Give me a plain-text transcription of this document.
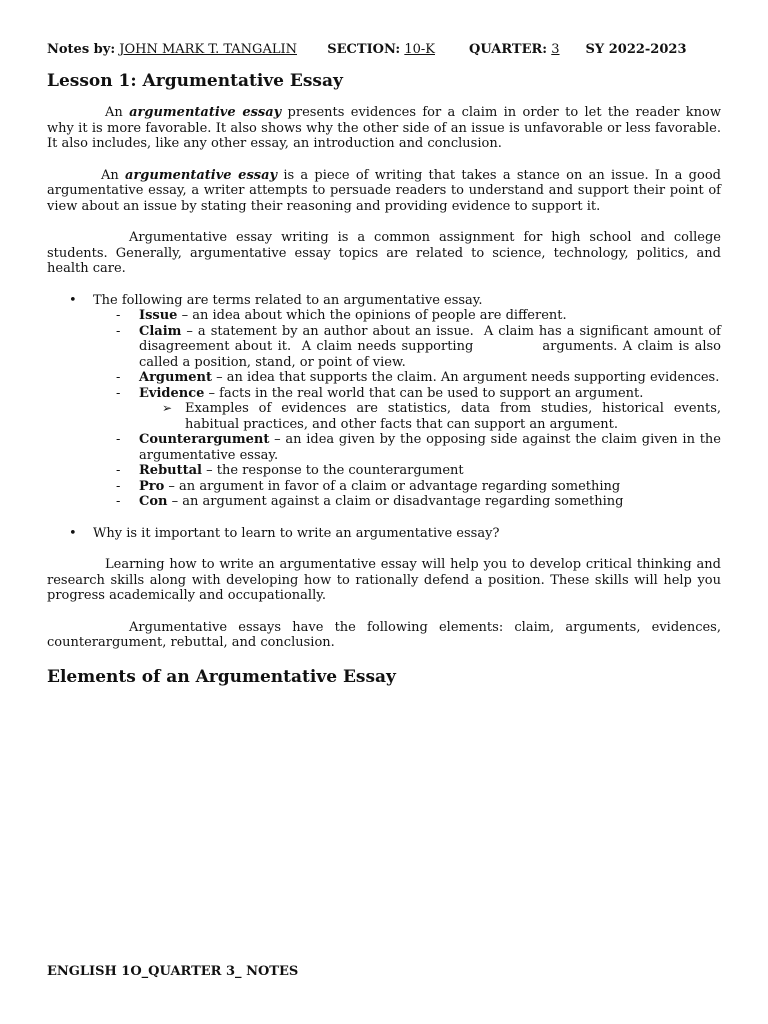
Notes by:
JOHN MARK T. TANGALIN
SECTION:
10-K	QUARTER:
3 SY 2022-2023
Lesson 1: Argumentative Essay

An argumentative essay presents evidences for a claim in order to let the reader know why it is more favorable. It also shows why the other side of an issue is unfavorable or less favorable. It also includes, like any other essay, an introduction and conclusion.

An argumentative essay is a piece of writing that takes a stance on an issue. In a good argumentative essay, a writer attempts to persuade readers to understand and support their point of view about an issue by stating their reasoning and providing evidence to support it.

Argumentative essay writing is a common assignment for high school and college students. Generally, argumentative essay topics are related to science, technology, politics, and health care.

• The following are terms related to an argumentative essay.
- Issue – an idea about which the opinions of people are different.
- Claim – a statement by an author about an issue.  A claim has a significant amount of disagreement about it.  A claim needs supporting             arguments. A claim is also called a position, stand, or point of view.
- Argument – an idea that supports the claim. An argument needs supporting evidences.
- Evidence – facts in the real world that can be used to support an argument.
➢ Examples of evidences are statistics, data from studies, historical events, habitual practices, and other facts that can support an argument.
- Counterargument – an idea given by the opposing side against the claim given in the argumentative essay.
- Rebuttal – the response to the counterargument
- Pro – an argument in favor of a claim or advantage regarding something
- Con – an argument against a claim or disadvantage regarding something
• Why is it important to learn to write an argumentative essay?

Learning how to write an argumentative essay will help you to develop critical thinking and research skills along with developing how to rationally defend a position. These skills will help you progress academically and occupationally.

Argumentative essays have the following elements: claim, arguments, evidences, counterargument, rebuttal, and conclusion.

Elements of an Argumentative Essay
ENGLISH 1O_QUARTER 3_ NOTES
